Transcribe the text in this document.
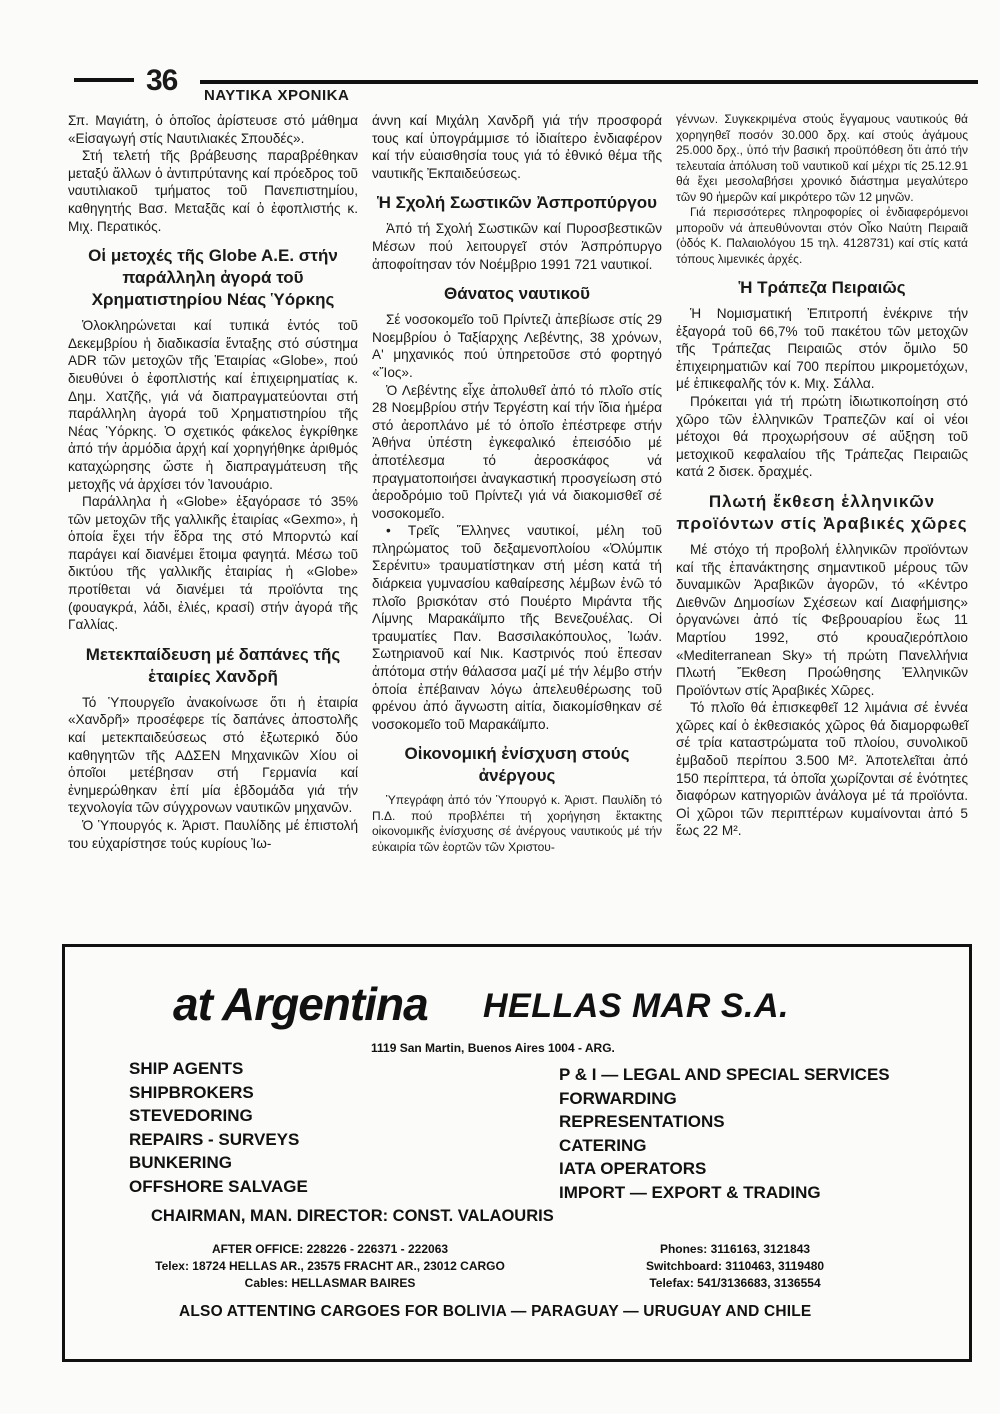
36 ΝΑΥΤΙΚΑ ΧΡΟΝΙΚΑ

Σπ. Μαγιάτη, ὁ ὁποῖος ἀρίστευσε στό μάθημα «Εἰσαγωγή στίς Ναυτιλιακές Σπουδές».

Στή τελετή τῆς βράβευσης παραβρέθηκαν μεταξύ ἄλλων ὁ ἀντιπρύτανης καί πρόεδρος τοῦ ναυτιλιακοῦ τμήματος τοῦ Πανεπιστημίου, καθηγητής Βασ. Μεταξᾶς καί ὁ ἐφοπλιστής κ. Μιχ. Περατικός.

Οἱ μετοχές τῆς Globe A.E. στήν παράλληλη ἀγορά τοῦ Χρηματιστηρίου Νέας Ὑόρκης

Ὁλοκληρώνεται καί τυπικά ἐντός τοῦ Δεκεμβρίου ἡ διαδικασία ἔνταξης στό σύστημα ADR τῶν μετοχῶν τῆς Ἑταιρίας «Globe», πού διευθύνει ὁ ἐφοπλιστής καί ἐπιχειρηματίας κ. Δημ. Χατζῆς, γιά νά διαπραγματεύονται στή παράλληλη ἀγορά τοῦ Χρηματιστηρίου τῆς Νέας Ὑόρκης. Ὁ σχετικός φάκελος ἐγκρίθηκε ἀπό τήν ἁρμόδια ἀρχή καί χορηγήθηκε ἀριθμός καταχώρησης ὥστε ἡ διαπραγμάτευση τῆς μετοχῆς νά ἀρχίσει τόν Ἰανουάριο.

Παράλληλα ἡ «Globe» ἐξαγόρασε τό 35% τῶν μετοχῶν τῆς γαλλικῆς ἑταιρίας «Gexmo», ἡ ὁποία ἔχει τήν ἕδρα της στό Μπορντώ καί παράγει καί διανέμει ἕτοιμα φαγητά. Μέσω τοῦ δικτύου τῆς γαλλικῆς ἑταιρίας ἡ «Globe» προτίθεται νά διανέμει τά προϊόντα της (φουαγκρά, λάδι, ἐλιές, κρασί) στήν ἀγορά τῆς Γαλλίας.

Μετεκπαίδευση μέ δαπάνες τῆς ἑταιρίες Χανδρῆ

Τό Ὑπουργεῖο ἀνακοίνωσε ὅτι ἡ ἑταιρία «Χανδρῆ» προσέφερε τίς δαπάνες ἀποστολῆς καί μετεκπαιδεύσεως στό ἐξωτερικό δύο καθηγητῶν τῆς ΑΔΣΕΝ Μηχανικῶν Χίου οἱ ὁποῖοι μετέβησαν στή Γερμανία καί ἐνημερώθηκαν ἐπί μία ἑβδομάδα γιά τήν τεχνολογία τῶν σύγχρονων ναυτικῶν μηχανῶν.

Ὁ Ὑπουργός κ. Ἀριστ. Παυλίδης μέ ἐπιστολή του εὐχαρίστησε τούς κυρίους Ἰω-

άννη καί Μιχάλη Χανδρῆ γιά τήν προσφορά τους καί ὑπογράμμισε τό ἰδιαίτερο ἐνδιαφέρον καί τήν εὐαισθησία τους γιά τό ἐθνικό θέμα τῆς ναυτικῆς Ἐκπαιδεύσεως.

Ἡ Σχολή Σωστικῶν Ἀσπροπύργου

Ἀπό τή Σχολή Σωστικῶν καί Πυροσβεστικῶν Μέσων πού λειτουργεῖ στόν Ἀσπρόπυργο ἀποφοίτησαν τόν Νοέμβριο 1991 721 ναυτικοί.

Θάνατος ναυτικοῦ

Σέ νοσοκομεῖο τοῦ Πρίντεζι ἀπεβίωσε στίς 29 Νοεμβρίου ὁ Ταξίαρχης Λεβέντης, 38 χρόνων, Α' μηχανικός πού ὑπηρετοῦσε στό φορτηγό «Ἴος».

Ὁ Λεβέντης εἶχε ἀπολυθεῖ ἀπό τό πλοῖο στίς 28 Νοεμβρίου στήν Τεργέστη καί τήν ἴδια ἡμέρα στό ἀεροπλάνο μέ τό ὁποῖο ἐπέστρεφε στήν Ἀθήνα ὑπέστη ἐγκεφαλικό ἐπεισόδιο μέ ἀποτέλεσμα τό ἀεροσκάφος νά πραγματοποιήσει ἀναγκαστική προσγείωση στό ἀεροδρόμιο τοῦ Πρίντεζι γιά νά διακομισθεῖ σέ νοσοκομεῖο.

• Τρεῖς Ἕλληνες ναυτικοί, μέλη τοῦ πληρώματος τοῦ δεξαμενοπλοίου «Ὀλύμπικ Σερένιτυ» τραυματίστηκαν στή μέση κατά τή διάρκεια γυμνασίου καθαίρεσης λέμβων ἐνῶ τό πλοῖο βρισκόταν στό Πουέρτο Μιράντα τῆς Λίμνης Μαρακάϊμπο τῆς Βενεζουέλας. Οἱ τραυματίες Παν. Βασσιλακόπουλος, Ἰωάν. Σωτηριανοῦ καί Νικ. Καστρινός πού ἔπεσαν ἀπότομα στήν θάλασσα μαζί μέ τήν λέμβο στήν ὁποία ἐπέβαιναν λόγω ἀπελευθέρωσης τοῦ φρένου ἀπό ἄγνωστη αἰτία, διακομίσθηκαν σέ νοσοκομεῖο τοῦ Μαρακάϊμπο.

Οἰκονομική ἐνίσχυση στούς ἀνέργους

Ὑπεγράφη ἀπό τόν Ὑπουργό κ. Ἀριστ. Παυλίδη τό Π.Δ. πού προβλέπει τή χορήγηση ἔκτακτης οἰκονομικῆς ἐνίσχυσης σέ ἀνέργους ναυτικούς μέ τήν εὐκαιρία τῶν ἑορτῶν τῶν Χριστου-

γέννων. Συγκεκριμένα στούς ἔγγαμους ναυτικούς θά χορηγηθεῖ ποσόν 30.000 δρχ. καί στούς ἀγάμους 25.000 δρχ., ὑπό τήν βασική προϋπόθεση ὅτι ἀπό τήν τελευταία ἀπόλυση τοῦ ναυτικοῦ καί μέχρι τίς 25.12.91 θά ἔχει μεσολαβήσει χρονικό διάστημα μεγαλύτερο τῶν 90 ἡμερῶν καί μικρότερο τῶν 12 μηνῶν.

Γιά περισσότερες πληροφορίες οἱ ἐνδιαφερόμενοι μποροῦν νά ἀπευθύνονται στόν Οἶκο Ναύτη Πειραιᾶ (ὁδός Κ. Παλαιολόγου 15 τηλ. 4128731) καί στίς κατά τόπους λιμενικές ἀρχές.

Ἡ Τράπεζα Πειραιῶς

Ἡ Νομισματική Ἐπιτροπή ἐνέκρινε τήν ἐξαγορά τοῦ 66,7% τοῦ πακέτου τῶν μετοχῶν τῆς Τράπεζας Πειραιῶς στόν ὅμιλο 50 ἐπιχειρηματιῶν καί 700 περίπου μικρομετόχων, μέ ἐπικεφαλῆς τόν κ. Μιχ. Σάλλα.

Πρόκειται γιά τή πρώτη ἰδιωτικοποίηση στό χῶρο τῶν ἑλληνικῶν Τραπεζῶν καί οἱ νέοι μέτοχοι θά προχωρήσουν σέ αὔξηση τοῦ μετοχικοῦ κεφαλαίου τῆς Τράπεζας Πειραιῶς κατά 2 δισεκ. δραχμές.

Πλωτή ἔκθεση ἑλληνικῶν προϊόντων στίς Ἀραβικές χῶρες

Μέ στόχο τή προβολή ἑλληνικῶν προϊόντων καί τῆς ἐπανάκτησης σημαντικοῦ μέρους τῶν δυναμικῶν Ἀραβικῶν ἀγορῶν, τό «Κέντρο Διεθνῶν Δημοσίων Σχέσεων καί Διαφήμισης» ὀργανώνει ἀπό τίς Φεβρουαρίου ἕως 11 Μαρτίου 1992, στό κρουαζιερόπλοιο «Mediterranean Sky» τή πρώτη Πανελλήνια Πλωτή Ἔκθεση Προώθησης Ἑλληνικῶν Προϊόντων στίς Ἀραβικές Χῶρες.

Τό πλοῖο θά ἐπισκεφθεῖ 12 λιμάνια σέ ἐννέα χῶρες καί ὁ ἐκθεσιακός χῶρος θά διαμορφωθεῖ σέ τρία καταστρώματα τοῦ πλοίου, συνολικοῦ ἐμβαδοῦ περίπου 3.500 Μ². Ἀποτελεῖται ἀπό 150 περίπτερα, τά ὁποῖα χωρίζονται σέ ἑνότητες διαφόρων κατηγοριῶν ἀνάλογα μέ τά προϊόντα. Οἱ χῶροι τῶν περιπτέρων κυμαίνονται ἀπό 5 ἕως 22 Μ².

at Argentina HELLAS MAR S.A.
1119 San Martin, Buenos Aires 1004 - ARG.
SHIP AGENTS
SHIPBROKERS
STEVEDORING
REPAIRS - SURVEYS
BUNKERING
OFFSHORE SALVAGE
P & I — LEGAL AND SPECIAL SERVICES
FORWARDING
REPRESENTATIONS
CATERING
IATA OPERATORS
IMPORT — EXPORT & TRADING
CHAIRMAN, MAN. DIRECTOR: CONST. VALAOURIS
AFTER OFFICE: 228226 - 226371 - 222063
Telex: 18724 HELLAS AR., 23575 FRACHT AR., 23012 CARGO
Cables: HELLASMAR BAIRES
Phones: 3116163, 3121843
Switchboard: 3110463, 3119480
Telefax: 541/3136683, 3136554
ALSO ATTENTING CARGOES FOR BOLIVIA — PARAGUAY — URUGUAY AND CHILE
